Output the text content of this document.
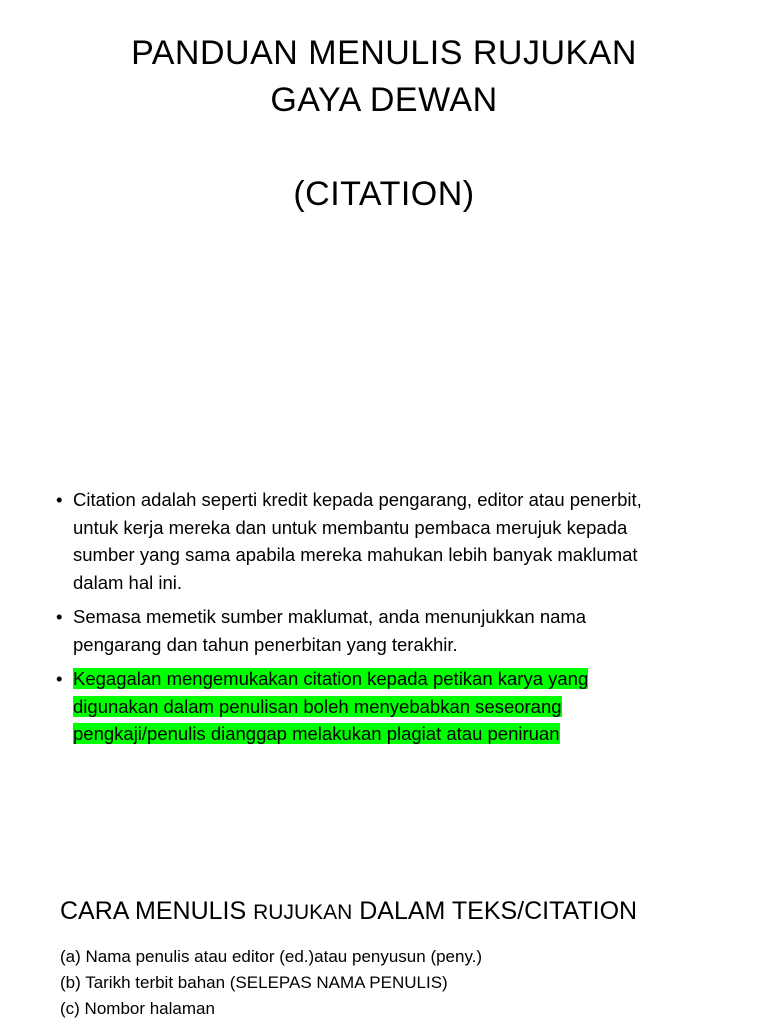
PANDUAN MENULIS RUJUKAN
GAYA DEWAN
(CITATION)
• Citation adalah seperti kredit kepada pengarang, editor atau penerbit,
untuk kerja mereka dan untuk membantu pembaca merujuk kepada
sumber yang sama apabila mereka mahukan lebih banyak maklumat
dalam hal ini.
• Semasa memetik sumber maklumat, anda menunjukkan nama
pengarang dan tahun penerbitan yang terakhir.
• Kegagalan mengemukakan citation kepada petikan karya yang
digunakan dalam penulisan boleh menyebabkan seseorang
pengkaji/penulis dianggap melakukan plagiat atau peniruan
CARA MENULIS RUJUKAN DALAM TEKS/CITATION
(a) Nama penulis atau editor (ed.)atau penyusun (peny.)
(b) Tarikh terbit bahan (SELEPAS NAMA PENULIS)
(c) Nombor halaman
